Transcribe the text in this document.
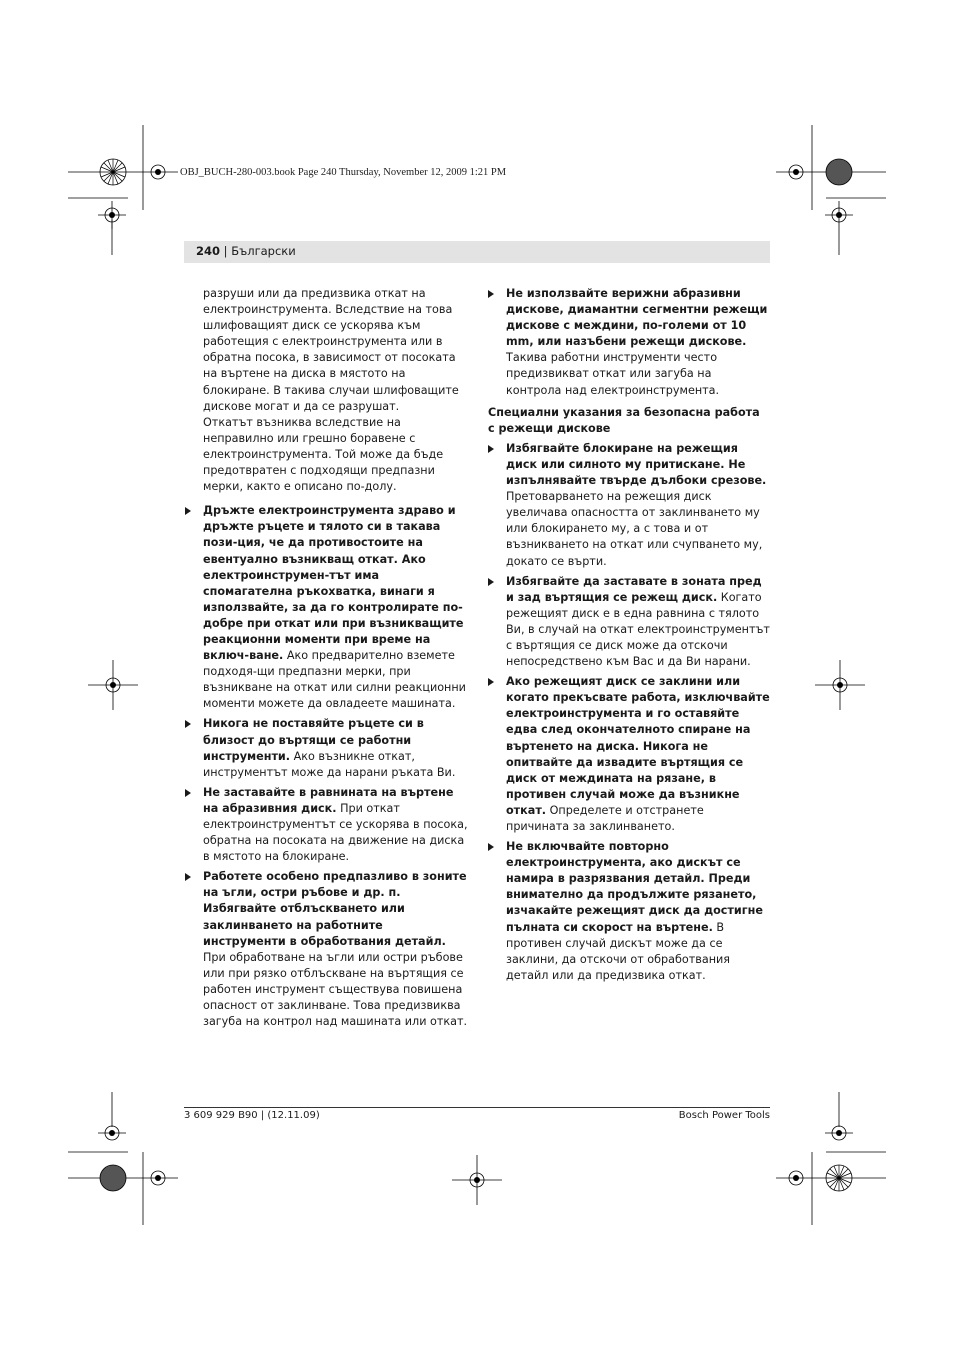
OBJ_BUCH-280-003.book Page 240 Thursday, November 12, 2009 1:21 PM
240 | Български

разруши или да предизвика откат на електроинструмента. Вследствие на това шлифоващият диск се ускорява към работещия с електроинструмента или в обратна посока, в зависимост от посоката на въртене на диска в мястото на блокиране. В такива случаи шлифоващите дискове могат и да се разрушат.

Откатът възниква вследствие на неправилно или грешно боравене с електроинструмента. Той може да бъде предотвратен с подходящи предпазни мерки, както е описано по-долу.

Дръжте електроинструмента здраво и дръжте ръцете и тялото си в такава пози-ция, че да противостоите на евентуално възникващ откат. Ако електроинструмен-тът има спомагателна ръкохватка, винаги я използвайте, за да го контролирате по-добре при откат или при възникващите реакционни моменти при време на включ-ване. Ако предварително вземете подходя-щи предпазни мерки, при възникване на откат или силни реакционни моменти можете да овладеете машината.

Никога не поставяйте ръцете си в близост до въртящи се работни инструменти. Ако възникне откат, инструментът може да нарани ръката Ви.

Не заставайте в равнината на въртене на абразивния диск. При откат електроинструментът се ускорява в посока, обратна на посоката на движение на диска в мястото на блокиране.

Работете особено предпазливо в зоните на ъгли, остри ръбове и др. п. Избягвайте отблъскването или заклинването на работните инструменти в обработвания детайл. При обработване на ъгли или остри ръбове или при рязко отблъскване на въртящия се работен инструмент съществува повишена опасност от заклинване. Това предизвиква загуба на контрол над машината или откат.

Не използвайте верижни абразивни дискове, диамантни сегментни режещи дискове с междини, по-големи от 10 mm, или назъбени режещи дискове. Такива работни инструменти често предизвикват откат или загуба на контрола над електроинструмента.

Специални указания за безопасна работа с режещи дискове

Избягвайте блокиране на режещия диск или силното му притискане. Не изпълнявайте твърде дълбоки срезове. Претоварването на режещия диск увеличава опасността от заклинването му или блокирането му, а с това и от възникването на откат или счупването му, докато се върти.

Избягвайте да заставате в зоната пред и зад въртящия се режещ диск. Когато режещият диск е в една равнина с тялото Ви, в случай на откат електроинструментът с въртящия се диск може да отскочи непосредствено към Вас и да Ви нарани.

Ако режещият диск се заклини или когато прекъсвате работа, изключвайте електроинструмента и го оставяйте едва след окончателното спиране на въртенето на диска. Никога не опитвайте да извадите въртящия се диск от междината на рязане, в противен случай може да възникне откат. Определете и отстранете причината за заклинването.

Не включвайте повторно електроинструмента, ако дискът се намира в разрязвания детайл. Преди внимателно да продължите рязането, изчакайте режещият диск да достигне пълната си скорост на въртене. В противен случай дискът може да се заклини, да отскочи от обработвания детайл или да предизвика откат.

3 609 929 B90 | (12.11.09)	Bosch Power Tools
